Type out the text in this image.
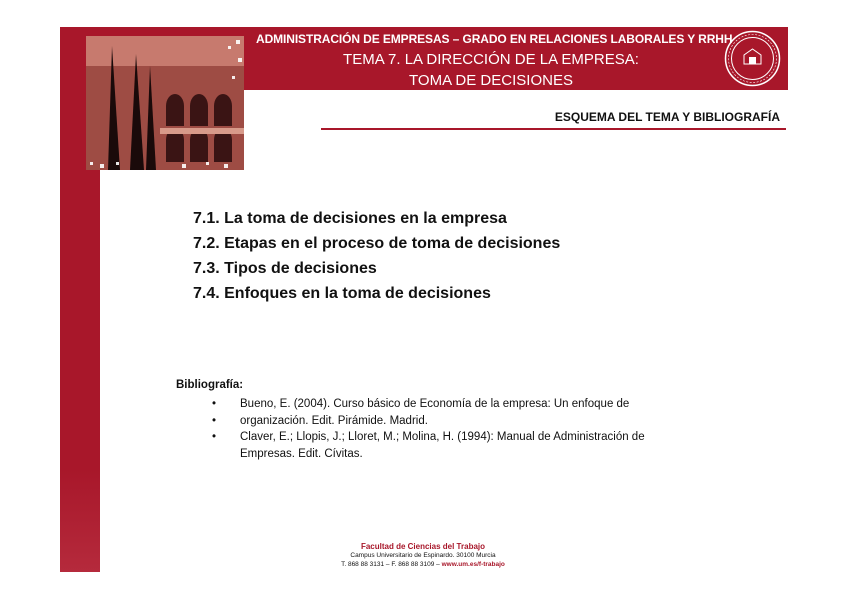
ADMINISTRACIÓN DE EMPRESAS – GRADO EN RELACIONES LABORALES Y RRHH
TEMA 7. LA DIRECCIÓN DE LA EMPRESA:
TOMA DE DECISIONES
ESQUEMA DEL TEMA Y BIBLIOGRAFÍA
7.1. La toma de decisiones en la empresa
7.2. Etapas en el proceso de toma de decisiones
7.3. Tipos de decisiones
7.4. Enfoques en la toma de decisiones
Bibliografía:
• Bueno, E. (2004). Curso básico de Economía de la empresa: Un enfoque de
• organización. Edit. Pirámide. Madrid.
• Claver, E.; Llopis, J.; Lloret, M.; Molina, H. (1994): Manual de Administración de
Empresas. Edit. Cívitas.
Facultad de Ciencias del Trabajo
Campus Universitario de Espinardo. 30100 Murcia
T. 868 88 3131 – F. 868 88 3109 – www.um.es/f-trabajo
